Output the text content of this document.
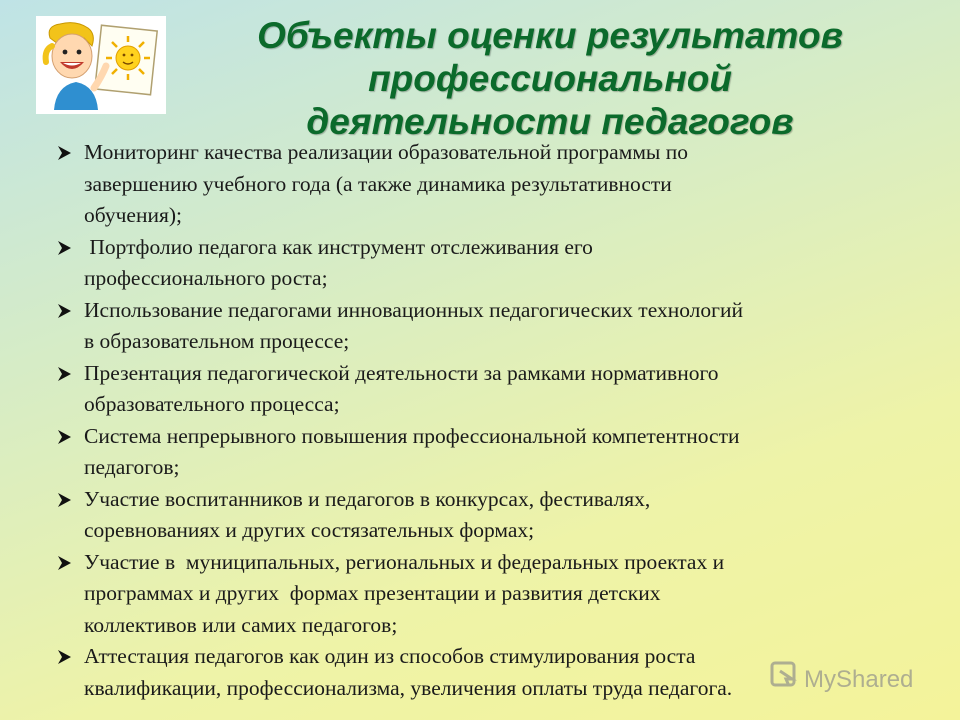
Объекты оценки результатов
профессиональной
деятельности педагогов
Мониторинг качества реализации образовательной программы по
завершению учебного года (а также динамика результативности
обучения);
Портфолио педагога как инструмент отслеживания его
профессионального роста;
Использование педагогами инновационных педагогических технологий
в образовательном процессе;
Презентация педагогической деятельности за рамками нормативного
образовательного процесса;
Система непрерывного повышения профессиональной компетентности
педагогов;
Участие воспитанников и педагогов в конкурсах, фестивалях,
соревнованиях и других состязательных формах;
Участие в  муниципальных, региональных и федеральных проектах и
программах и других  формах презентации и развития детских
коллективов или самих педагогов;
Аттестация педагогов как один из способов стимулирования роста
квалификации, профессионализма, увеличения оплаты труда педагога.	MyShared
